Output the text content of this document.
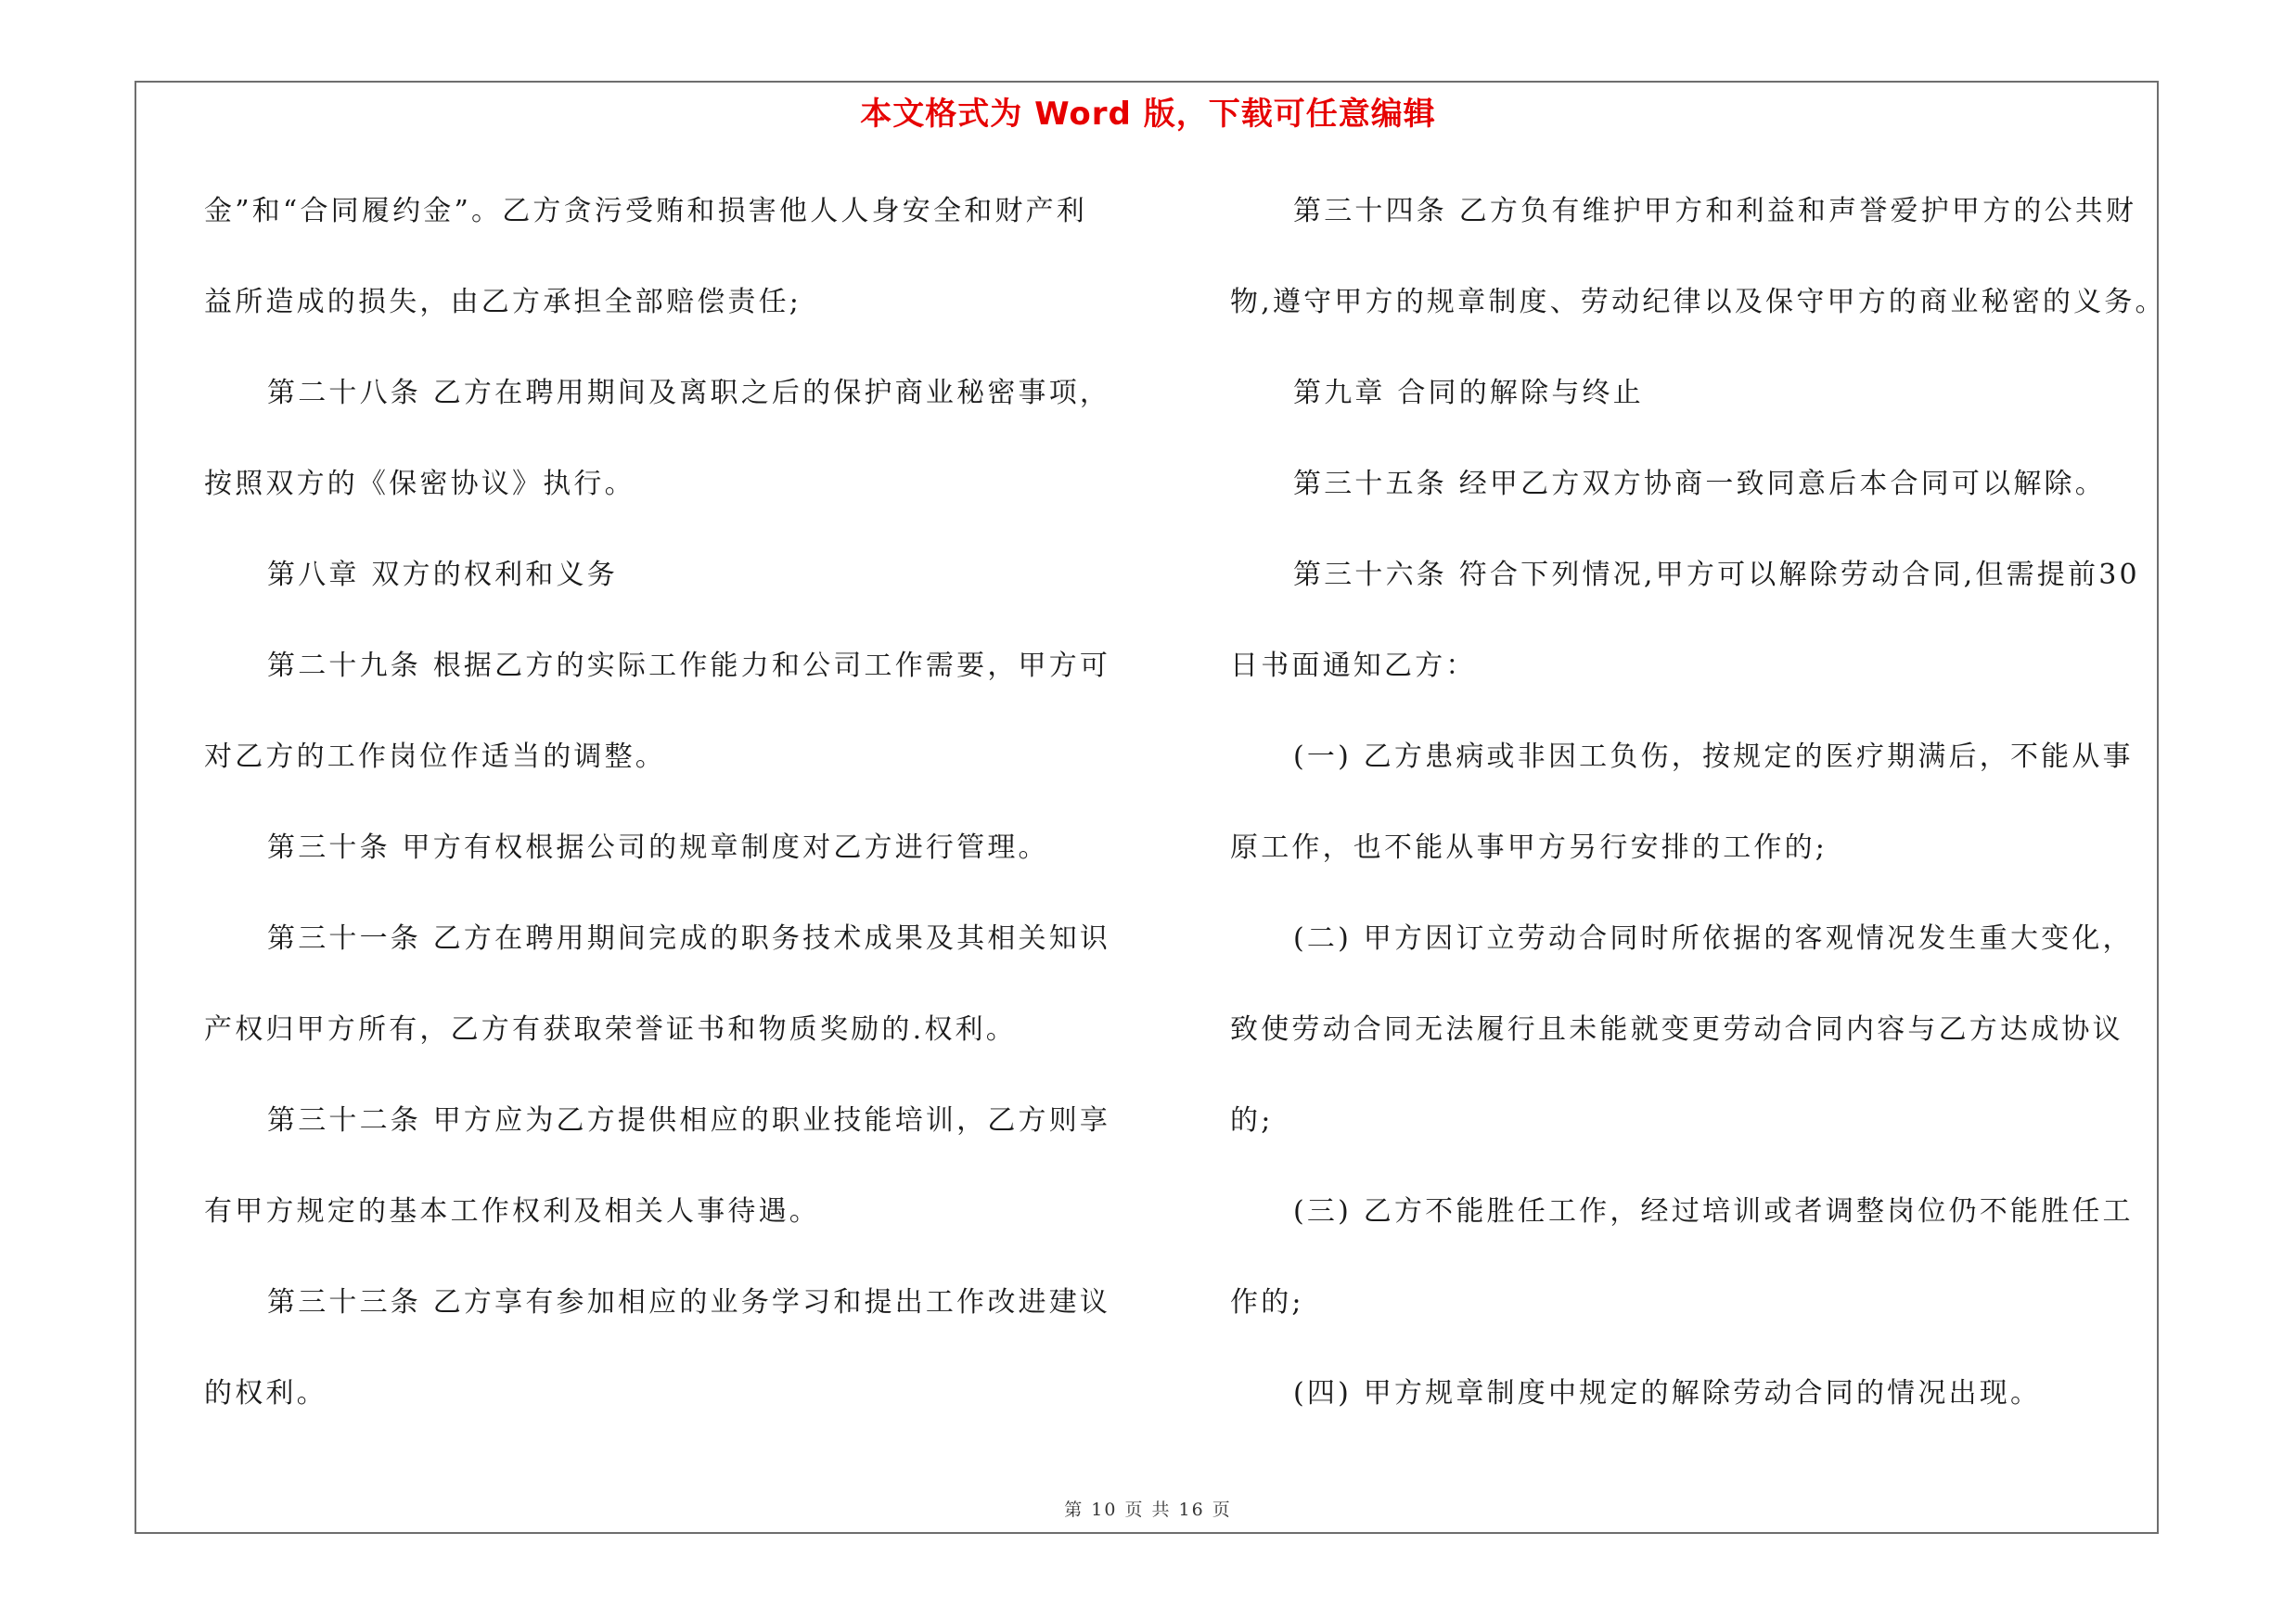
本文格式为 Word 版，下载可任意编辑
金”和“合同履约金”。乙方贪污受贿和损害他人人身安全和财产利
益所造成的损失，由乙方承担全部赔偿责任;
第二十八条 乙方在聘用期间及离职之后的保护商业秘密事项，
按照双方的《保密协议》执行。
第八章 双方的权利和义务
第二十九条 根据乙方的实际工作能力和公司工作需要，甲方可
对乙方的工作岗位作适当的调整。
第三十条 甲方有权根据公司的规章制度对乙方进行管理。
第三十一条 乙方在聘用期间完成的职务技术成果及其相关知识
产权归甲方所有，乙方有获取荣誉证书和物质奖励的.权利。
第三十二条 甲方应为乙方提供相应的职业技能培训，乙方则享
有甲方规定的基本工作权利及相关人事待遇。
第三十三条 乙方享有参加相应的业务学习和提出工作改进建议
的权利。
第三十四条 乙方负有维护甲方和利益和声誉爱护甲方的公共财
物,遵守甲方的规章制度、劳动纪律以及保守甲方的商业秘密的义务。
第九章 合同的解除与终止
第三十五条 经甲乙方双方协商一致同意后本合同可以解除。
第三十六条 符合下列情况,甲方可以解除劳动合同,但需提前30
日书面通知乙方：
(一) 乙方患病或非因工负伤，按规定的医疗期满后，不能从事
原工作，也不能从事甲方另行安排的工作的;
(二) 甲方因订立劳动合同时所依据的客观情况发生重大变化，
致使劳动合同无法履行且未能就变更劳动合同内容与乙方达成协议
的;
(三) 乙方不能胜任工作，经过培训或者调整岗位仍不能胜任工
作的;
(四) 甲方规章制度中规定的解除劳动合同的情况出现。
第 10 页 共 16 页
